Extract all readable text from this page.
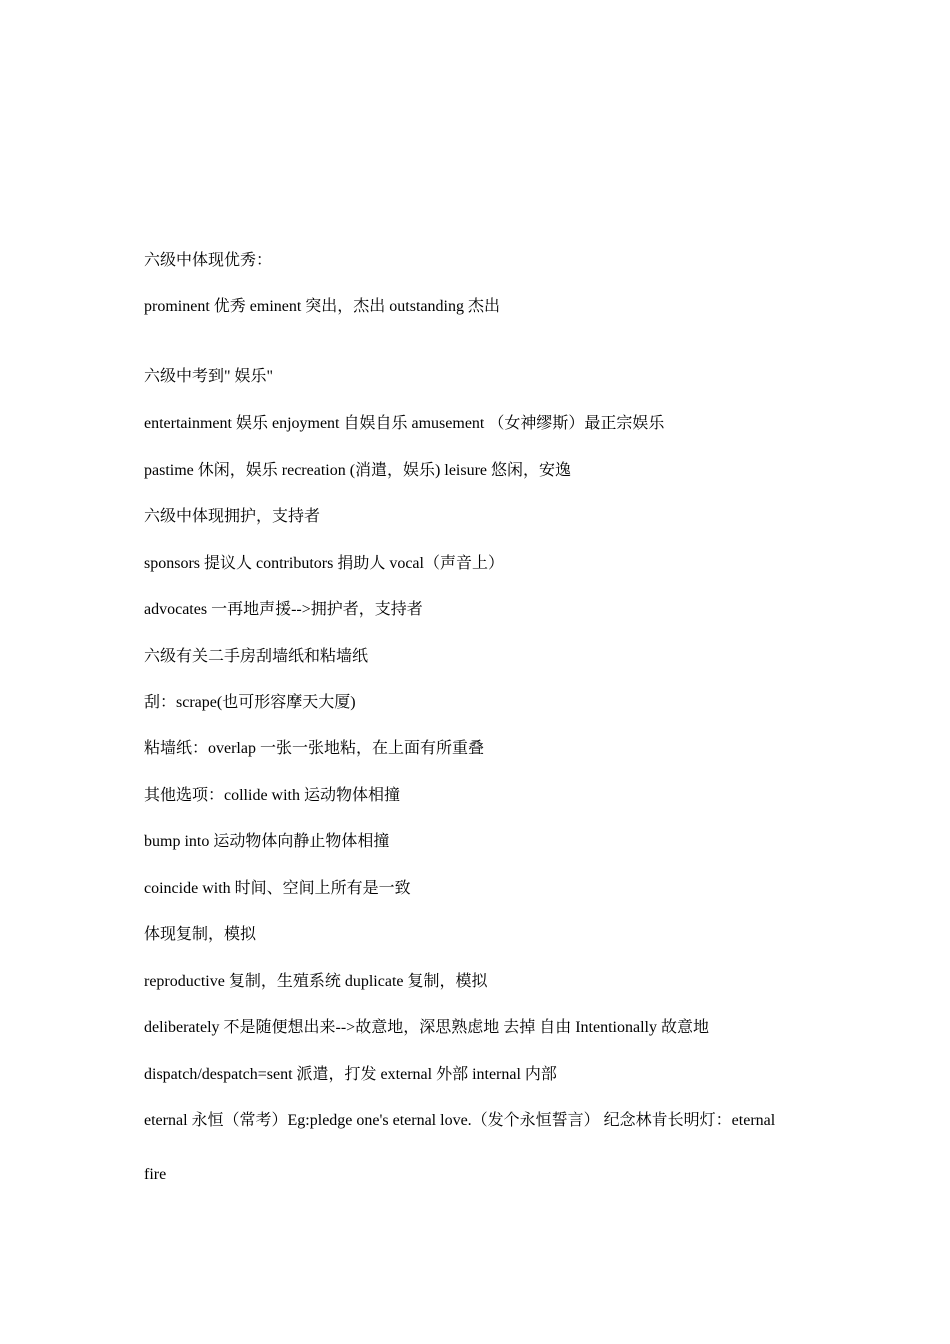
六级中体现优秀：
prominent 优秀 eminent 突出，杰出 outstanding 杰出
六级中考到" 娱乐"
entertainment 娱乐 enjoyment 自娱自乐 amusement （女神缪斯）最正宗娱乐
pastime 休闲，娱乐 recreation (消遣，娱乐) leisure 悠闲，安逸
六级中体现拥护，支持者
sponsors 提议人 contributors 捐助人 vocal（声音上）
advocates 一再地声援-->拥护者，支持者
六级有关二手房刮墙纸和粘墙纸
刮：scrape(也可形容摩天大厦)
粘墙纸：overlap 一张一张地粘，在上面有所重叠
其他选项：collide with 运动物体相撞
bump into 运动物体向静止物体相撞
coincide with 时间、空间上所有是一致
体现复制，模拟
reproductive 复制，生殖系统 duplicate 复制，模拟
deliberately 不是随便想出来-->故意地，深思熟虑地 去掉 自由 Intentionally 故意地
dispatch/despatch=sent 派遣，打发 external 外部 internal 内部
eternal 永恒（常考）Eg:pledge one's eternal love.（发个永恒誓言） 纪念林肯长明灯：eternal
fire
